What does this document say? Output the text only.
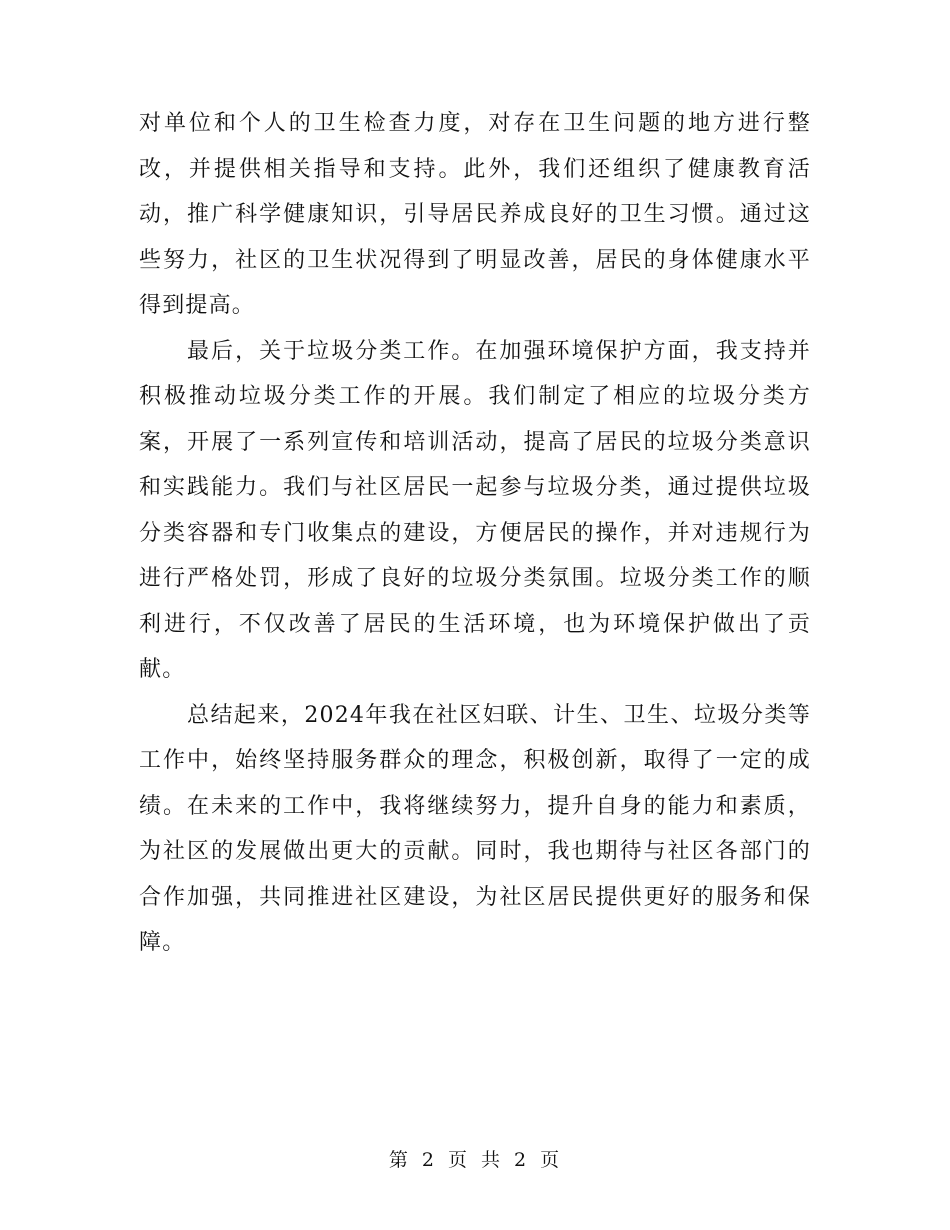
对单位和个人的卫生检查力度，对存在卫生问题的地方进行整改，并提供相关指导和支持。此外，我们还组织了健康教育活动，推广科学健康知识，引导居民养成良好的卫生习惯。通过这些努力，社区的卫生状况得到了明显改善，居民的身体健康水平得到提高。

最后，关于垃圾分类工作。在加强环境保护方面，我支持并积极推动垃圾分类工作的开展。我们制定了相应的垃圾分类方案，开展了一系列宣传和培训活动，提高了居民的垃圾分类意识和实践能力。我们与社区居民一起参与垃圾分类，通过提供垃圾分类容器和专门收集点的建设，方便居民的操作，并对违规行为进行严格处罚，形成了良好的垃圾分类氛围。垃圾分类工作的顺利进行，不仅改善了居民的生活环境，也为环境保护做出了贡献。

总结起来，2024年我在社区妇联、计生、卫生、垃圾分类等工作中，始终坚持服务群众的理念，积极创新，取得了一定的成绩。在未来的工作中，我将继续努力，提升自身的能力和素质，为社区的发展做出更大的贡献。同时，我也期待与社区各部门的合作加强，共同推进社区建设，为社区居民提供更好的服务和保障。

第 2 页 共 2 页
